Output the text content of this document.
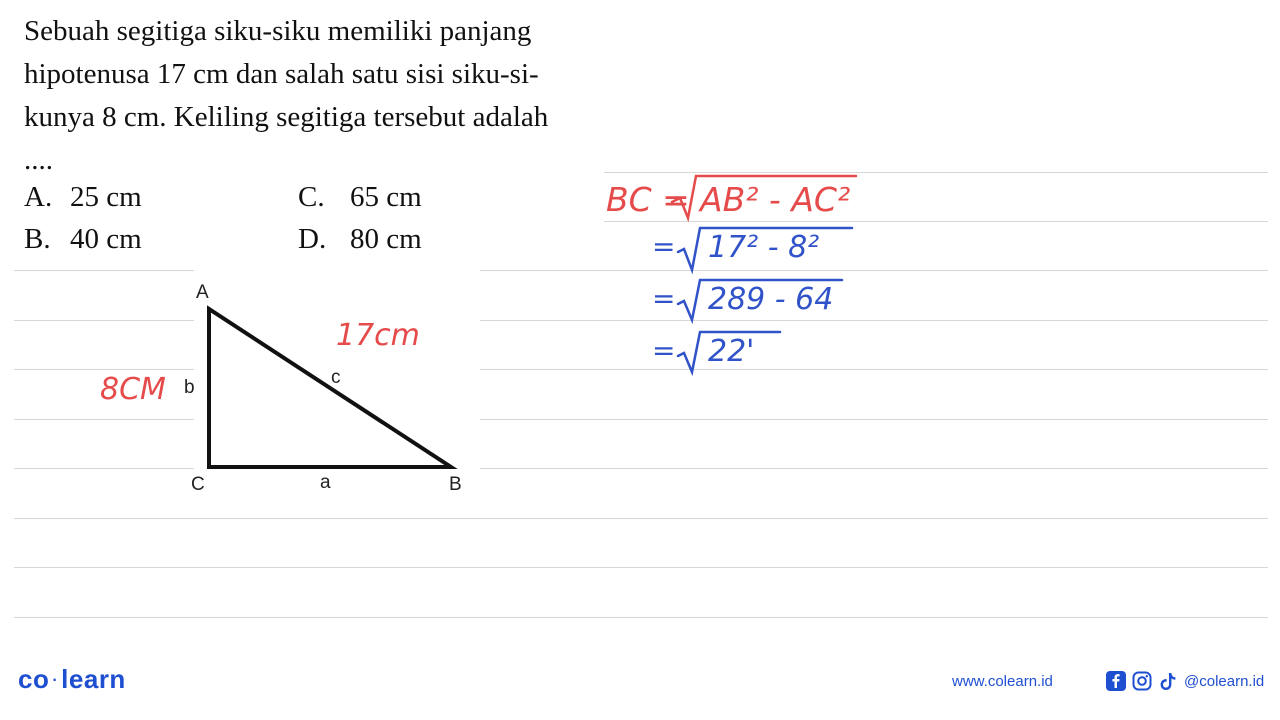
Sebuah segitiga siku-siku memiliki panjang

hipotenusa 17 cm dan salah satu sisi siku-si-

kunya 8 cm. Keliling segitiga tersebut adalah

....

A. 25 cm
B. 40 cm
C. 65 cm
D. 80 cm
A
C	B
b	c
a
17cm
8CM
BC = AB² - AC²
= 17² - 8²
= 289 - 64
= 22'
co · learn	www.colearn.id	@colearn.id
